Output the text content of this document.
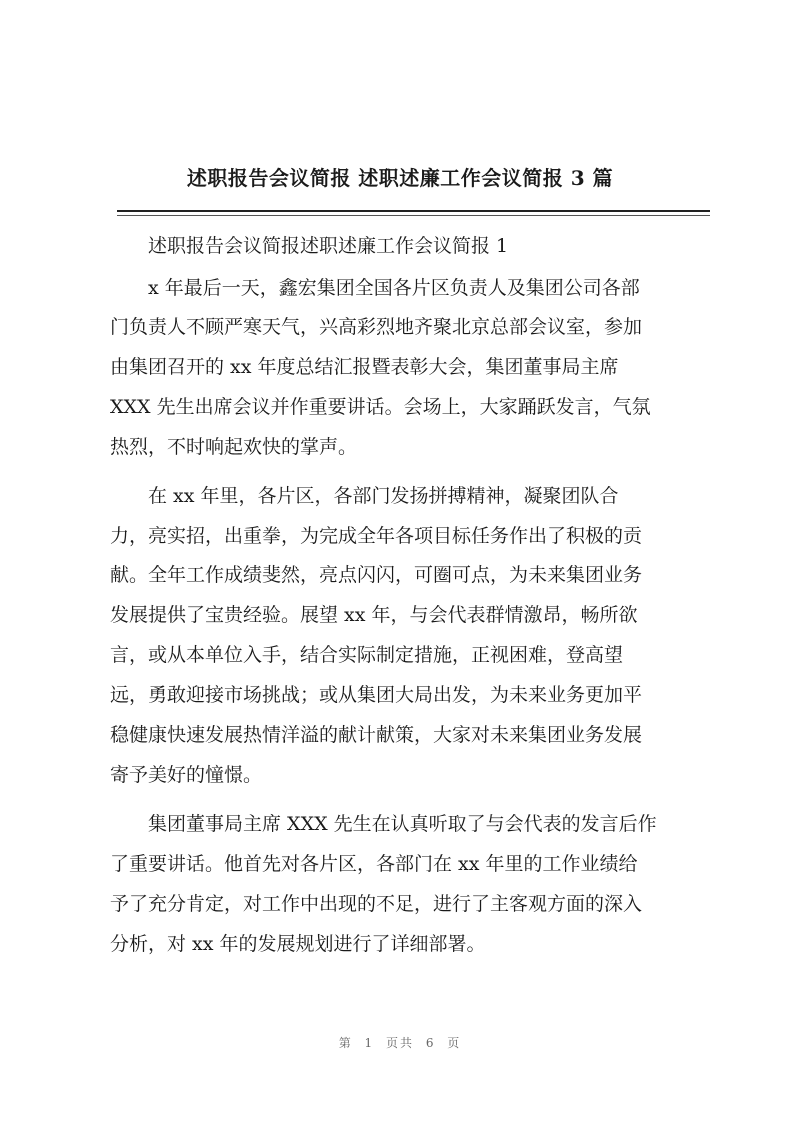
述职报告会议简报 述职述廉工作会议简报 3 篇
述职报告会议简报述职述廉工作会议简报 1
x 年最后一天，鑫宏集团全国各片区负责人及集团公司各部
门负责人不顾严寒天气，兴高彩烈地齐聚北京总部会议室，参加
由集团召开的 xx 年度总结汇报暨表彰大会，集团董事局主席
XXX 先生出席会议并作重要讲话。会场上，大家踊跃发言，气氛
热烈，不时响起欢快的掌声。
在 xx 年里，各片区，各部门发扬拼搏精神，凝聚团队合
力，亮实招，出重拳，为完成全年各项目标任务作出了积极的贡
献。全年工作成绩斐然，亮点闪闪，可圈可点，为未来集团业务
发展提供了宝贵经验。展望 xx 年，与会代表群情激昂，畅所欲
言，或从本单位入手，结合实际制定措施，正视困难，登高望
远，勇敢迎接市场挑战；或从集团大局出发，为未来业务更加平
稳健康快速发展热情洋溢的献计献策，大家对未来集团业务发展
寄予美好的憧憬。
集团董事局主席 XXX 先生在认真听取了与会代表的发言后作
了重要讲话。他首先对各片区，各部门在 xx 年里的工作业绩给
予了充分肯定，对工作中出现的不足，进行了主客观方面的深入
分析，对 xx 年的发展规划进行了详细部署。
第 1 页共 6 页
